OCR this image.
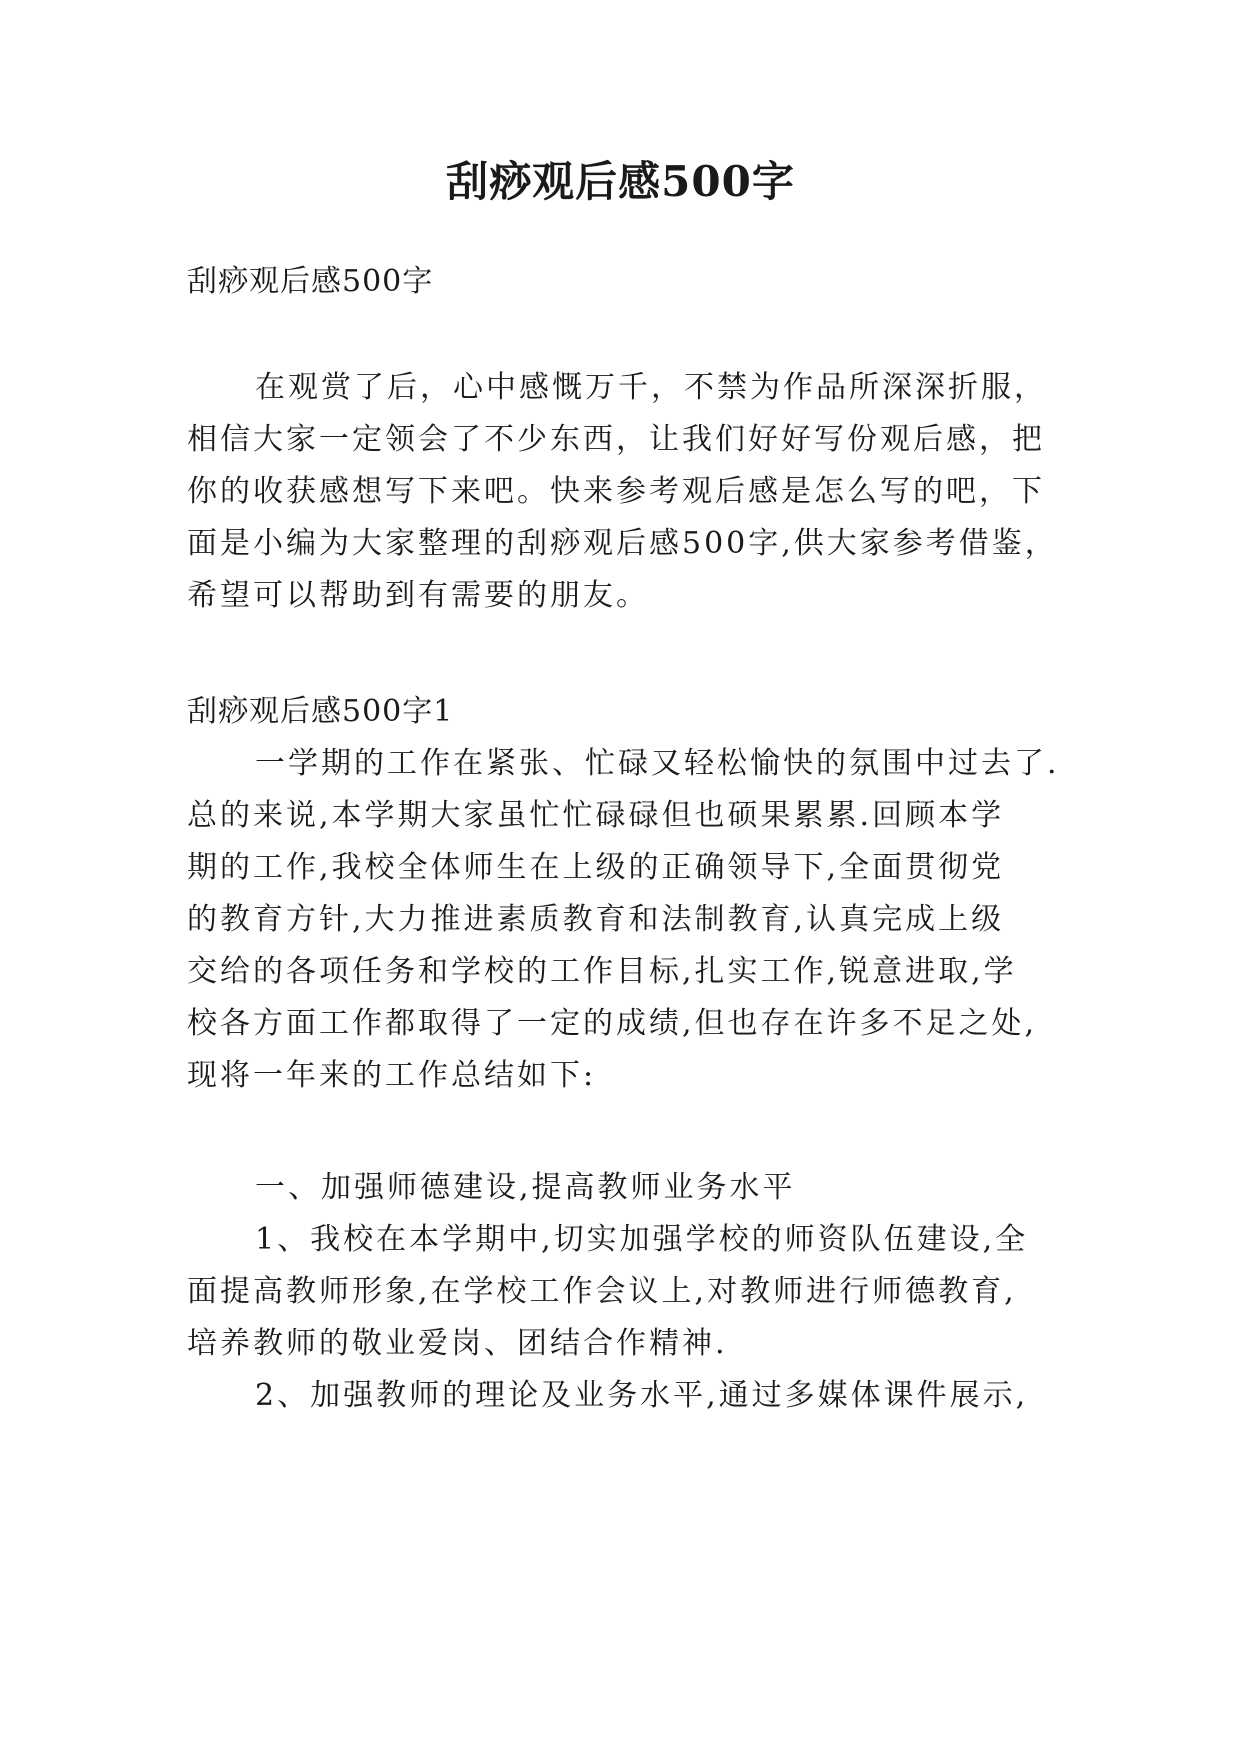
刮痧观后感500字

刮痧观后感500字

在观赏了后，心中感慨万千，不禁为作品所深深折服，

相信大家一定领会了不少东西，让我们好好写份观后感，把

你的收获感想写下来吧。快来参考观后感是怎么写的吧，下

面是小编为大家整理的刮痧观后感500字,供大家参考借鉴，

希望可以帮助到有需要的朋友。

刮痧观后感500字1

一学期的工作在紧张、忙碌又轻松愉快的氛围中过去了.

总的来说,本学期大家虽忙忙碌碌但也硕果累累.回顾本学

期的工作,我校全体师生在上级的正确领导下,全面贯彻党

的教育方针,大力推进素质教育和法制教育,认真完成上级

交给的各项任务和学校的工作目标,扎实工作,锐意进取,学

校各方面工作都取得了一定的成绩,但也存在许多不足之处,

现将一年来的工作总结如下:

一、加强师德建设,提高教师业务水平

1、我校在本学期中,切实加强学校的师资队伍建设,全

面提高教师形象,在学校工作会议上,对教师进行师德教育,

培养教师的敬业爱岗、团结合作精神.

2、加强教师的理论及业务水平,通过多媒体课件展示,
